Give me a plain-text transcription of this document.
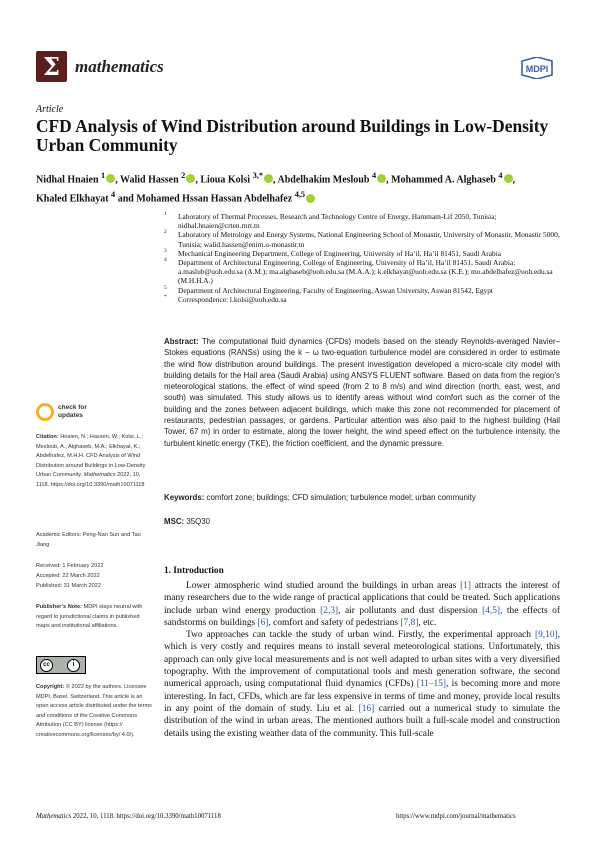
Σ mathematics	MDPI
Article
CFD Analysis of Wind Distribution around Buildings in Low-Density Urban Community
Nidhal Hnaien $^1$ , Walid Hassen $^2$ , Lioua Kolsi $^{3,*}$ , Abdelhakim Mesloub $^4$ , Mohammed A. Alghaseb $^4$ ,
Khaled Elkhayat $^4$ and Mohamed Hssan Hassan Abdelhafez $^{4,5}$
1 Laboratory of Thermal Processes, Research and Technology Centre of Energy, Hammam-Lif 2050, Tunisia; nidhal.hnaien@crten.rnrt.tn
2 Laboratory of Metrology and Energy Systems, National Engineering School of Monastir, University of Monastir, Monastir 5000, Tunisia; walid.hassen@enim.u-monastir.tn
3 Mechanical Engineering Department, College of Engineering, University of Ha’il, Ha’il 81451, Saudi Arabia
4 Department of Architectural Engineering, College of Engineering, University of Ha’il, Ha’il 81451, Saudi Arabia; a.maslub@uoh.edu.sa (A.M.); ma.alghaseb@uoh.edu.sa (M.A.A.); k.elkhayat@uoh.edu.sa (K.E.); mo.abdelhafez@uoh.edu.sa (M.H.H.A.)
5 Department of Architectural Engineering, Faculty of Engineering, Aswan University, Aswan 81542, Egypt
* Correspondence: l.kolsi@uoh.edu.sa
Abstract: The computational fluid dynamics (CFDs) models based on the steady Reynolds-averaged Navier–Stokes equations (RANSs) using the k − ω two-equation turbulence model are considered in order to estimate the wind flow distribution around buildings. The present investigation developed a micro-scale city model with building details for the Hail area (Saudi Arabia) using ANSYS FLUENT software. Based on data from the region’s meteorological stations, the effect of wind speed (from 2 to 8 m/s) and wind direction (north, east, west, and south) was simulated. This study allows us to identify areas without wind comfort such as the corner of the building and the zones between adjacent buildings, which make this zone not recommended for placement of restaurants, pedestrian passages, or gardens. Particular attention was also paid to the highest building (Hail Tower, 67 m) in order to estimate, along the tower height, the wind speed effect on the turbulence intensity, the turbulent kinetic energy (TKE), the friction coefficient, and the dynamic pressure.
Keywords: comfort zone; buildings; CFD simulation; turbulence model; urban community
MSC: 35Q30
check for
updates
Citation: Hnaien, N.; Hassen, W.; Kolsi, L.; Mesloub, A.; Alghaseb, M.A.; Elkhayat, K.; Abdelhafez, M.H.H. CFD Analysis of Wind Distribution around Buildings in Low-Density Urban Community. Mathematics 2022, 10, 1118. https://doi.org/10.3390/math10071118
Academic Editors: Peng-Nan Sun and Tao Jiang
Received: 1 February 2022
Accepted: 22 March 2022
Published: 31 March 2022
Publisher’s Note: MDPI stays neutral with regard to jurisdictional claims in published maps and institutional affiliations.
cc	i
Copyright: © 2022 by the authors. Licensee MDPI, Basel, Switzerland. This article is an open access article distributed under the terms and conditions of the Creative Commons Attribution (CC BY) license (https:// creativecommons.org/licenses/by/ 4.0/).
1. Introduction

Lower atmospheric wind studied around the buildings in urban areas [1] attracts the interest of many researchers due to the wide range of practical applications that could be treated. Such applications include urban wind energy production [2,3], air pollutants and dust dispersion [4,5], the effects of sandstorms on buildings [6], comfort and safety of pedestrians [7,8], etc.

Two approaches can tackle the study of urban wind. Firstly, the experimental approach [9,10], which is very costly and requires means to install several meteorological stations. Unfortunately, this approach can only give local measurements and is not well adapted to urban sites with a very diversified topography. With the improvement of computational tools and mesh generation software, the second numerical approach, using computational fluid dynamics (CFDs) [11–15], is becoming more and more interesting. In fact, CFDs, which are far less expensive in terms of time and money, provide local results in any point of the domain of study. Liu et al. [16] carried out a numerical study to simulate the distribution of the wind in urban areas. The mentioned authors built a full-scale model and construction details using the existing weather data of the community. This full-scale

Mathematics 2022, 10, 1118. https://doi.org/10.3390/math10071118	https://www.mdpi.com/journal/mathematics
